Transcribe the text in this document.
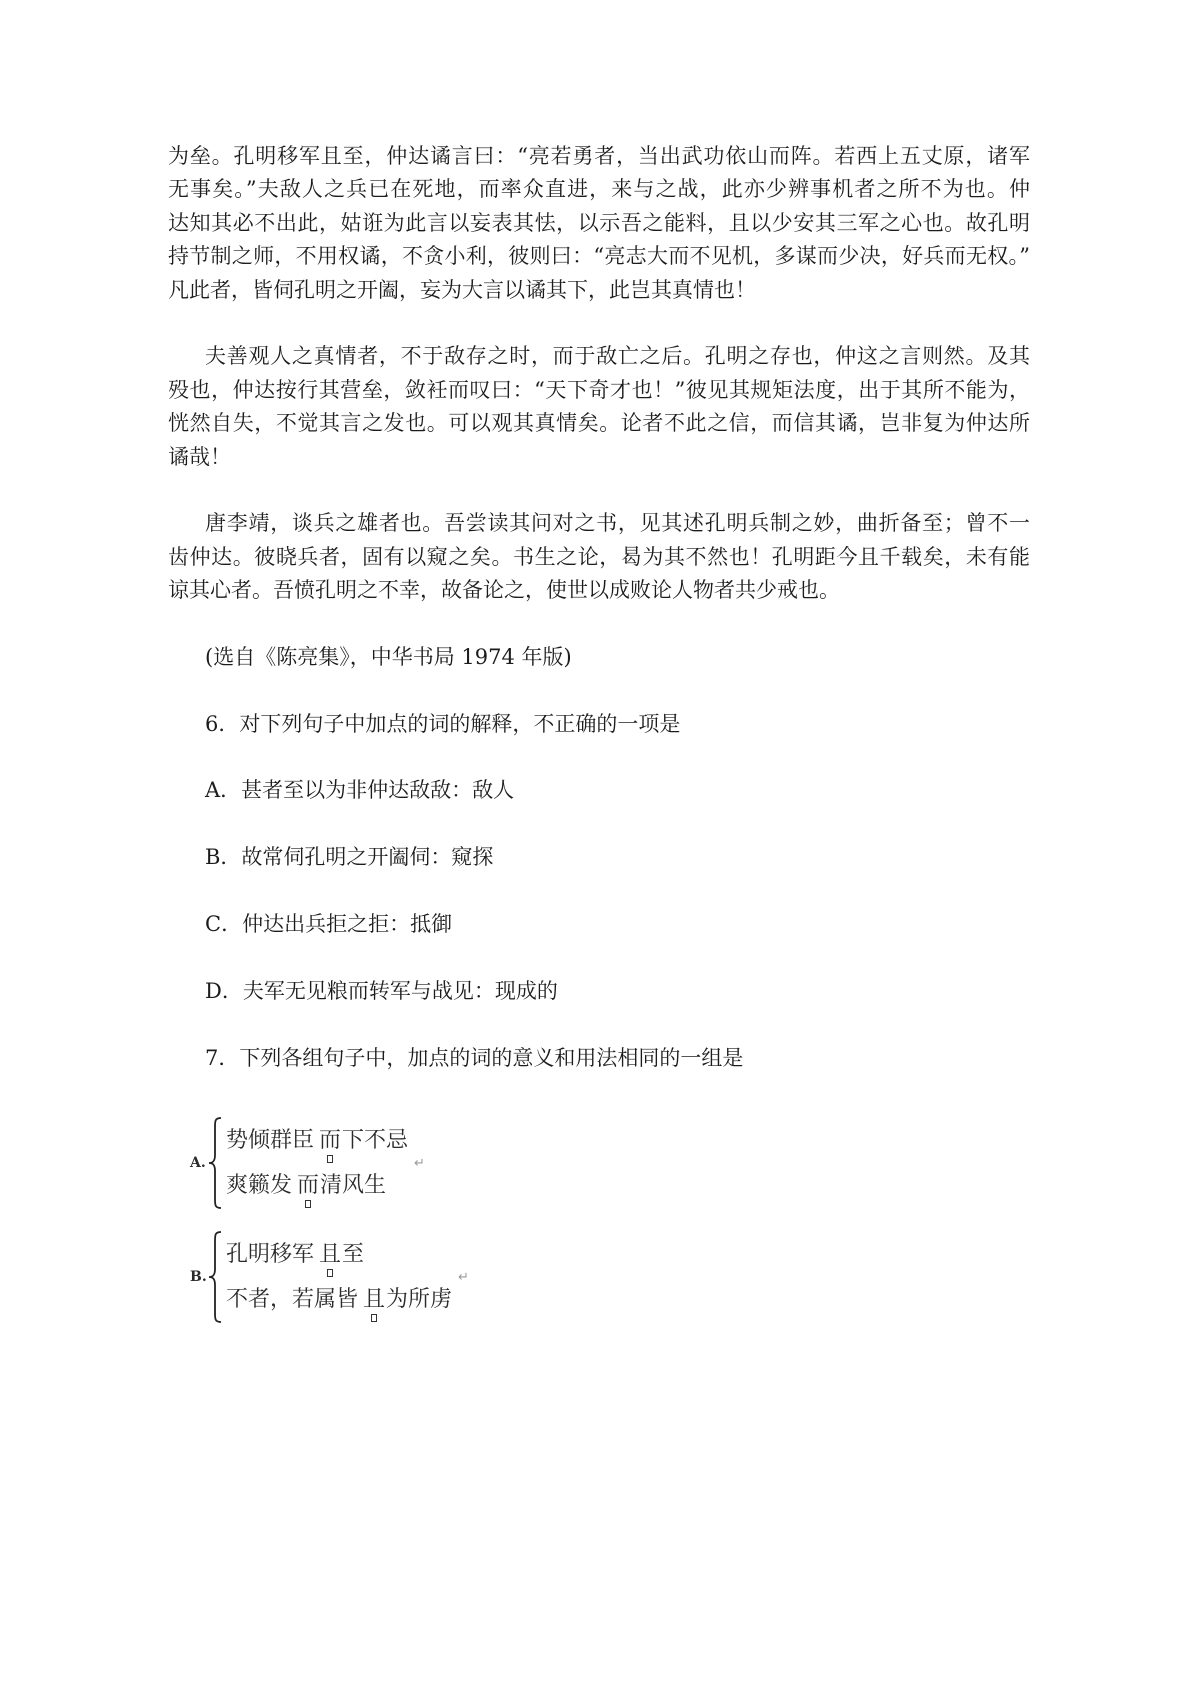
为垒。孔明移军且至，仲达谲言曰：“亮若勇者，当出武功依山而阵。若西上五丈原，诸军
无事矣。”夫敌人之兵已在死地，而率众直进，来与之战，此亦少辨事机者之所不为也。仲
达知其必不出此，姑诳为此言以妄表其怯，以示吾之能料，且以少安其三军之心也。故孔明
持节制之师，不用权谲，不贪小利，彼则曰：“亮志大而不见机，多谋而少决，好兵而无权。”
凡此者，皆伺孔明之开阖，妄为大言以谲其下，此岂其真情也！
夫善观人之真情者，不于敌存之时，而于敌亡之后。孔明之存也，仲这之言则然。及其
殁也，仲达按行其营垒，敛衽而叹曰：“天下奇才也！”彼见其规矩法度，出于其所不能为，
恍然自失，不觉其言之发也。可以观其真情矣。论者不此之信，而信其谲，岂非复为仲达所
谲哉！
唐李靖，谈兵之雄者也。吾尝读其问对之书，见其述孔明兵制之妙，曲折备至；曾不一
齿仲达。彼晓兵者，固有以窥之矣。书生之论，曷为其不然也！孔明距今且千载矣，未有能
谅其心者。吾愤孔明之不幸，故备论之，使世以成败论人物者共少戒也。
(选自《陈亮集》，中华书局 1974 年版)
6．对下列句子中加点的词的解释，不正确的一项是
A．甚者至以为非仲达敌敌：敌人
B．故常伺孔明之开阖伺：窥探
C．仲达出兵拒之拒：抵御
D．夫军无见粮而转军与战见：现成的
7．下列各组句子中，加点的词的意义和用法相同的一组是
A.
势倾群臣 而
下不忌
爽籁发 而
清风生
↵
B.
孔明移军 且
至
不者，若属皆 且
为所虏
↵
